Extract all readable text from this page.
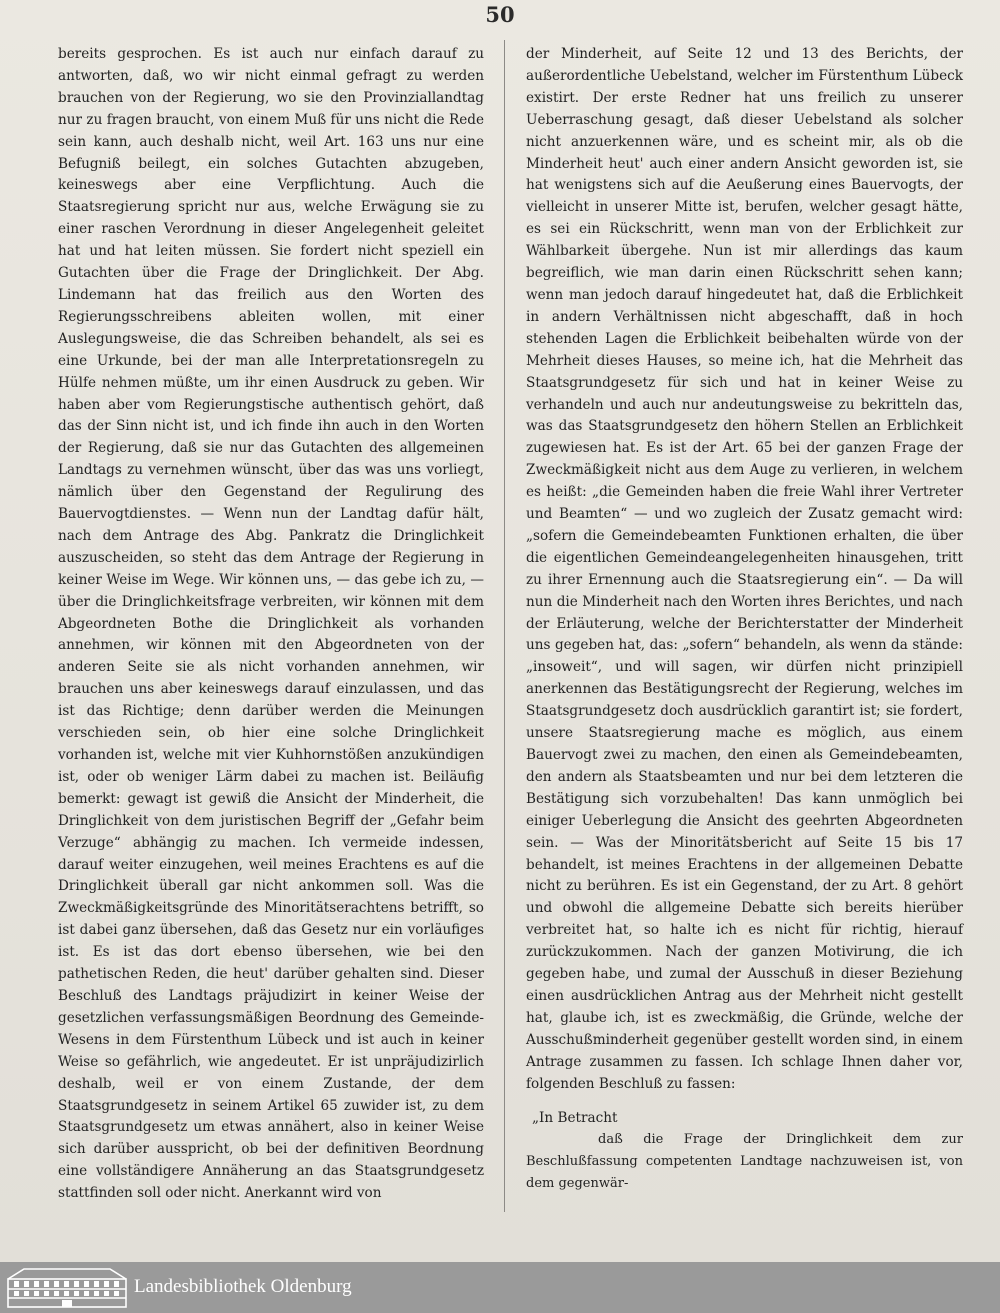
50

bereits gesprochen. Es ist auch nur einfach darauf zu antworten, daß, wo wir nicht einmal gefragt zu werden brauchen von der Regierung, wo sie den Provinziallandtag nur zu fragen braucht, von einem Muß für uns nicht die Rede sein kann, auch deshalb nicht, weil Art. 163 uns nur eine Befugniß beilegt, ein solches Gutachten abzugeben, keineswegs aber eine Verpflichtung. Auch die Staatsregierung spricht nur aus, welche Erwägung sie zu einer raschen Verordnung in dieser Angelegenheit geleitet hat und hat leiten müssen. Sie fordert nicht speziell ein Gutachten über die Frage der Dringlichkeit. Der Abg. Lindemann hat das freilich aus den Worten des Regierungsschreibens ableiten wollen, mit einer Auslegungsweise, die das Schreiben behandelt, als sei es eine Urkunde, bei der man alle Interpretationsregeln zu Hülfe nehmen müßte, um ihr einen Ausdruck zu geben. Wir haben aber vom Regierungstische authentisch gehört, daß das der Sinn nicht ist, und ich finde ihn auch in den Worten der Regierung, daß sie nur das Gutachten des allgemeinen Landtags zu vernehmen wünscht, über das was uns vorliegt, nämlich über den Gegenstand der Regulirung des Bauervogtdienstes. — Wenn nun der Landtag dafür hält, nach dem Antrage des Abg. Pankratz die Dringlichkeit auszuscheiden, so steht das dem Antrage der Regierung in keiner Weise im Wege. Wir können uns, — das gebe ich zu, — über die Dringlichkeitsfrage verbreiten, wir können mit dem Abgeordneten Bothe die Dringlichkeit als vorhanden annehmen, wir können mit den Abgeordneten von der anderen Seite sie als nicht vorhanden annehmen, wir brauchen uns aber keineswegs darauf einzulassen, und das ist das Richtige; denn darüber werden die Meinungen verschieden sein, ob hier eine solche Dringlichkeit vorhanden ist, welche mit vier Kuhhornstößen anzukündigen ist, oder ob weniger Lärm dabei zu machen ist. Beiläufig bemerkt: gewagt ist gewiß die Ansicht der Minderheit, die Dringlichkeit von dem juristischen Begriff der „Gefahr beim Verzuge“ abhängig zu machen. Ich vermeide indessen, darauf weiter einzugehen, weil meines Erachtens es auf die Dringlichkeit überall gar nicht ankommen soll. Was die Zweckmäßigkeitsgründe des Minoritätserachtens betrifft, so ist dabei ganz übersehen, daß das Gesetz nur ein vorläufiges ist. Es ist das dort ebenso übersehen, wie bei den pathetischen Reden, die heut' darüber gehalten sind. Dieser Beschluß des Landtags präjudizirt in keiner Weise der gesetzlichen verfassungsmäßigen Beordnung des Gemeinde-Wesens in dem Fürstenthum Lübeck und ist auch in keiner Weise so gefährlich, wie angedeutet. Er ist unpräjudizirlich deshalb, weil er von einem Zustande, der dem Staatsgrundgesetz in seinem Artikel 65 zuwider ist, zu dem Staatsgrundgesetz um etwas annähert, also in keiner Weise sich darüber ausspricht, ob bei der definitiven Beordnung eine vollständigere Annäherung an das Staatsgrundgesetz stattfinden soll oder nicht. Anerkannt wird von

der Minderheit, auf Seite 12 und 13 des Berichts, der außerordentliche Uebelstand, welcher im Fürstenthum Lübeck existirt. Der erste Redner hat uns freilich zu unserer Ueberraschung gesagt, daß dieser Uebelstand als solcher nicht anzuerkennen wäre, und es scheint mir, als ob die Minderheit heut' auch einer andern Ansicht geworden ist, sie hat wenigstens sich auf die Aeußerung eines Bauervogts, der vielleicht in unserer Mitte ist, berufen, welcher gesagt hätte, es sei ein Rückschritt, wenn man von der Erblichkeit zur Wählbarkeit übergehe. Nun ist mir allerdings das kaum begreiflich, wie man darin einen Rückschritt sehen kann; wenn man jedoch darauf hingedeutet hat, daß die Erblichkeit in andern Verhältnissen nicht abgeschafft, daß in hoch stehenden Lagen die Erblichkeit beibehalten würde von der Mehrheit dieses Hauses, so meine ich, hat die Mehrheit das Staatsgrundgesetz für sich und hat in keiner Weise zu verhandeln und auch nur andeutungsweise zu bekritteln das, was das Staatsgrundgesetz den höhern Stellen an Erblichkeit zugewiesen hat. Es ist der Art. 65 bei der ganzen Frage der Zweckmäßigkeit nicht aus dem Auge zu verlieren, in welchem es heißt: „die Gemeinden haben die freie Wahl ihrer Vertreter und Beamten“ — und wo zugleich der Zusatz gemacht wird: „sofern die Gemeindebeamten Funktionen erhalten, die über die eigentlichen Gemeindeangelegenheiten hinausgehen, tritt zu ihrer Ernennung auch die Staatsregierung ein“. — Da will nun die Minderheit nach den Worten ihres Berichtes, und nach der Erläuterung, welche der Berichterstatter der Minderheit uns gegeben hat, das: „sofern“ behandeln, als wenn da stände: „insoweit“, und will sagen, wir dürfen nicht prinzipiell anerkennen das Bestätigungsrecht der Regierung, welches im Staatsgrundgesetz doch ausdrücklich garantirt ist; sie fordert, unsere Staatsregierung mache es möglich, aus einem Bauervogt zwei zu machen, den einen als Gemeindebeamten, den andern als Staatsbeamten und nur bei dem letzteren die Bestätigung sich vorzubehalten! Das kann unmöglich bei einiger Ueberlegung die Ansicht des geehrten Abgeordneten sein. — Was der Minoritätsbericht auf Seite 15 bis 17 behandelt, ist meines Erachtens in der allgemeinen Debatte nicht zu berühren. Es ist ein Gegenstand, der zu Art. 8 gehört und obwohl die allgemeine Debatte sich bereits hierüber verbreitet hat, so halte ich es nicht für richtig, hierauf zurückzukommen. Nach der ganzen Motivirung, die ich gegeben habe, und zumal der Ausschuß in dieser Beziehung einen ausdrücklichen Antrag aus der Mehrheit nicht gestellt hat, glaube ich, ist es zweckmäßig, die Gründe, welche der Ausschußminderheit gegenüber gestellt worden sind, in einem Antrage zusammen zu fassen. Ich schlage Ihnen daher vor, folgenden Beschluß zu fassen:

„In Betracht

daß die Frage der Dringlichkeit dem zur Beschlußfassung competenten Landtage nachzuweisen ist, von dem gegenwär-

Landesbibliothek Oldenburg
